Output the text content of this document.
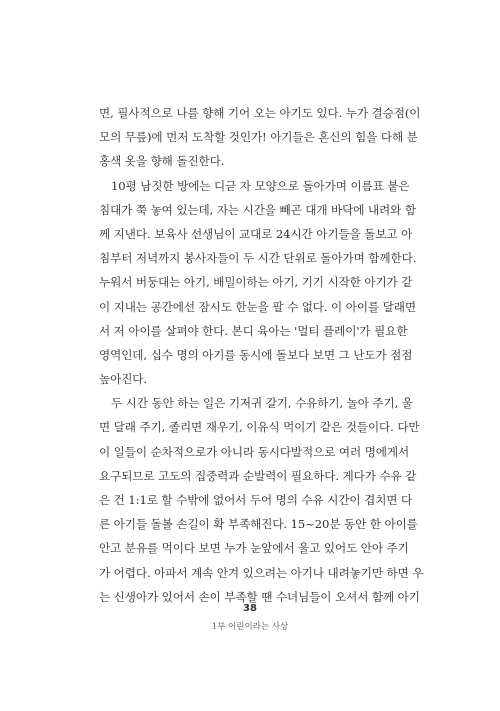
면, 필사적으로 나를 향해 기어 오는 아기도 있다. 누가 결승점(이
모의 무릎)에 먼저 도착할 것인가! 아기들은 혼신의 힘을 다해 분
홍색 옷을 향해 돌진한다.
10평 남짓한 방에는 디귿 자 모양으로 돌아가며 이름표 붙은
침대가 쭉 놓여 있는데, 자는 시간을 빼곤 대개 바닥에 내려와 함
께 지낸다. 보육사 선생님이 교대로 24시간 아기들을 돌보고 아
침부터 저녁까지 봉사자들이 두 시간 단위로 돌아가며 함께한다.
누워서 버둥대는 아기, 배밀이하는 아기, 기기 시작한 아기가 같
이 지내는 공간에선 잠시도 한눈을 팔 수 없다. 이 아이를 달래면
서 저 아이를 살펴야 한다. 본디 육아는 '멀티 플레이'가 필요한
영역인데, 십수 명의 아기를 동시에 돌보다 보면 그 난도가 점점
높아진다.
두 시간 동안 하는 일은 기저귀 갈기, 수유하기, 놀아 주기, 울
면 달래 주기, 졸리면 재우기, 이유식 먹이기 같은 것들이다. 다만
이 일들이 순차적으로가 아니라 동시다발적으로 여러 명에게서
요구되므로 고도의 집중력과 순발력이 필요하다. 게다가 수유 같
은 건 1:1로 할 수밖에 없어서 두어 명의 수유 시간이 겹치면 다
른 아기들 돌볼 손길이 확 부족해진다. 15~20분 동안 한 아이를
안고 분유를 먹이다 보면 누가 눈앞에서 울고 있어도 안아 주기
가 어렵다. 아파서 계속 안겨 있으려는 아기나 내려놓기만 하면 우
는 신생아가 있어서 손이 부족할 땐 수녀님들이 오셔서 함께 아기
38
1부 어린이라는 사상
